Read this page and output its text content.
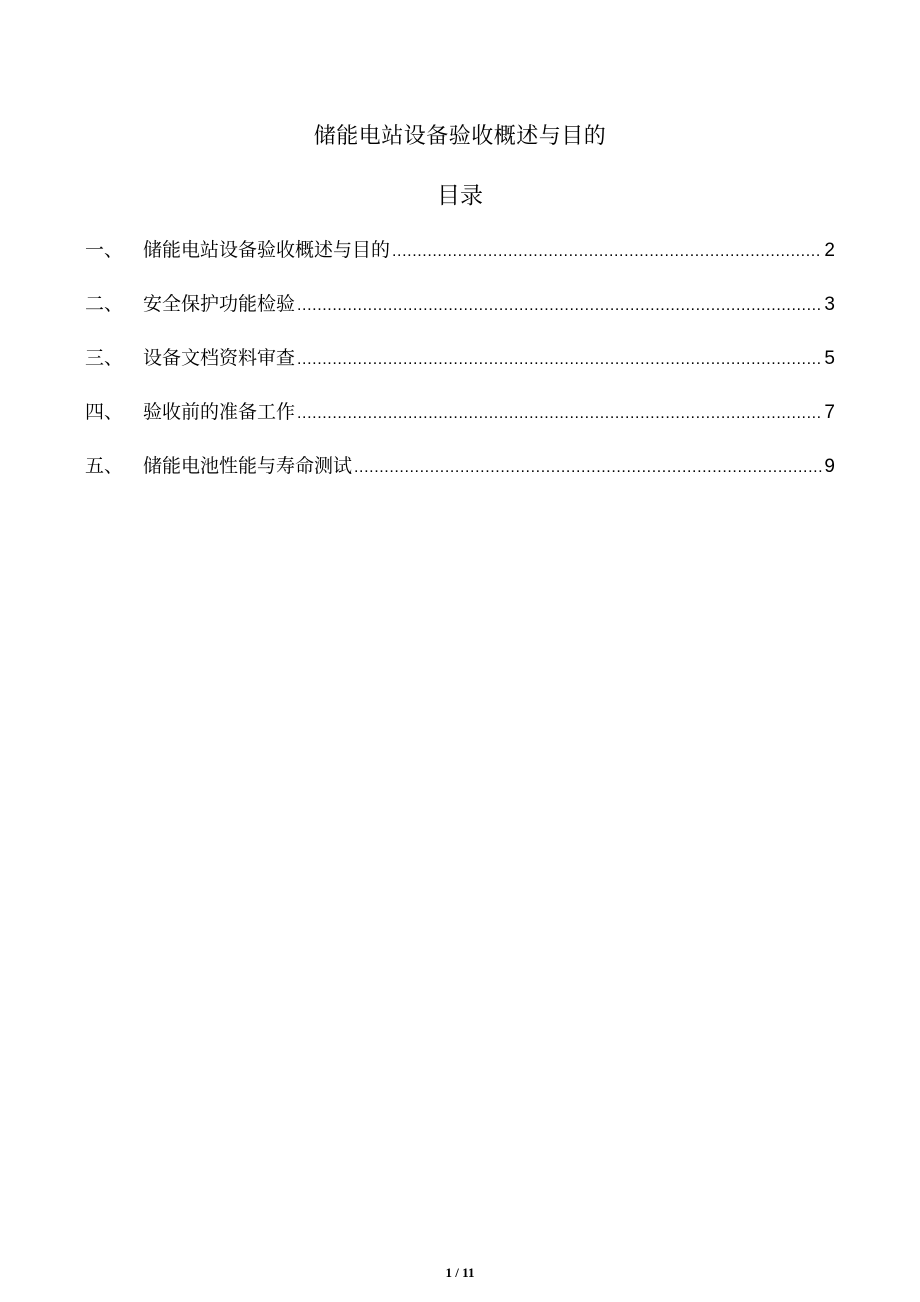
储能电站设备验收概述与目的
目录
一、	储能电站设备验收概述与目的 .....	2
二、	安全保护功能检验 .....	3
三、	设备文档资料审查 .....	5
四、	验收前的准备工作 .....	7
五、	储能电池性能与寿命测试 .....	9
1 / 11
